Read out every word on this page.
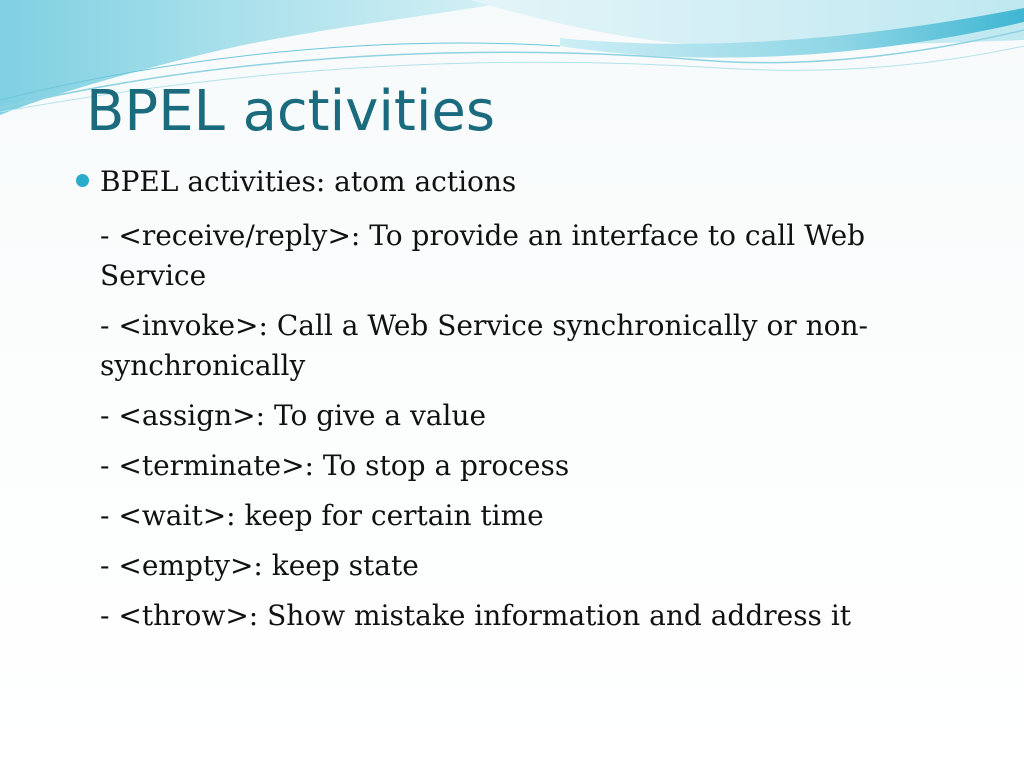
BPEL activities
BPEL activities: atom actions
- <receive/reply>: To provide an interface to call Web Service
- <invoke>: Call a Web Service synchronically or non-synchronically
- <assign>: To give a value
- <terminate>: To stop a process
- <wait>: keep for certain time
- <empty>: keep state
- <throw>: Show mistake information and address it
